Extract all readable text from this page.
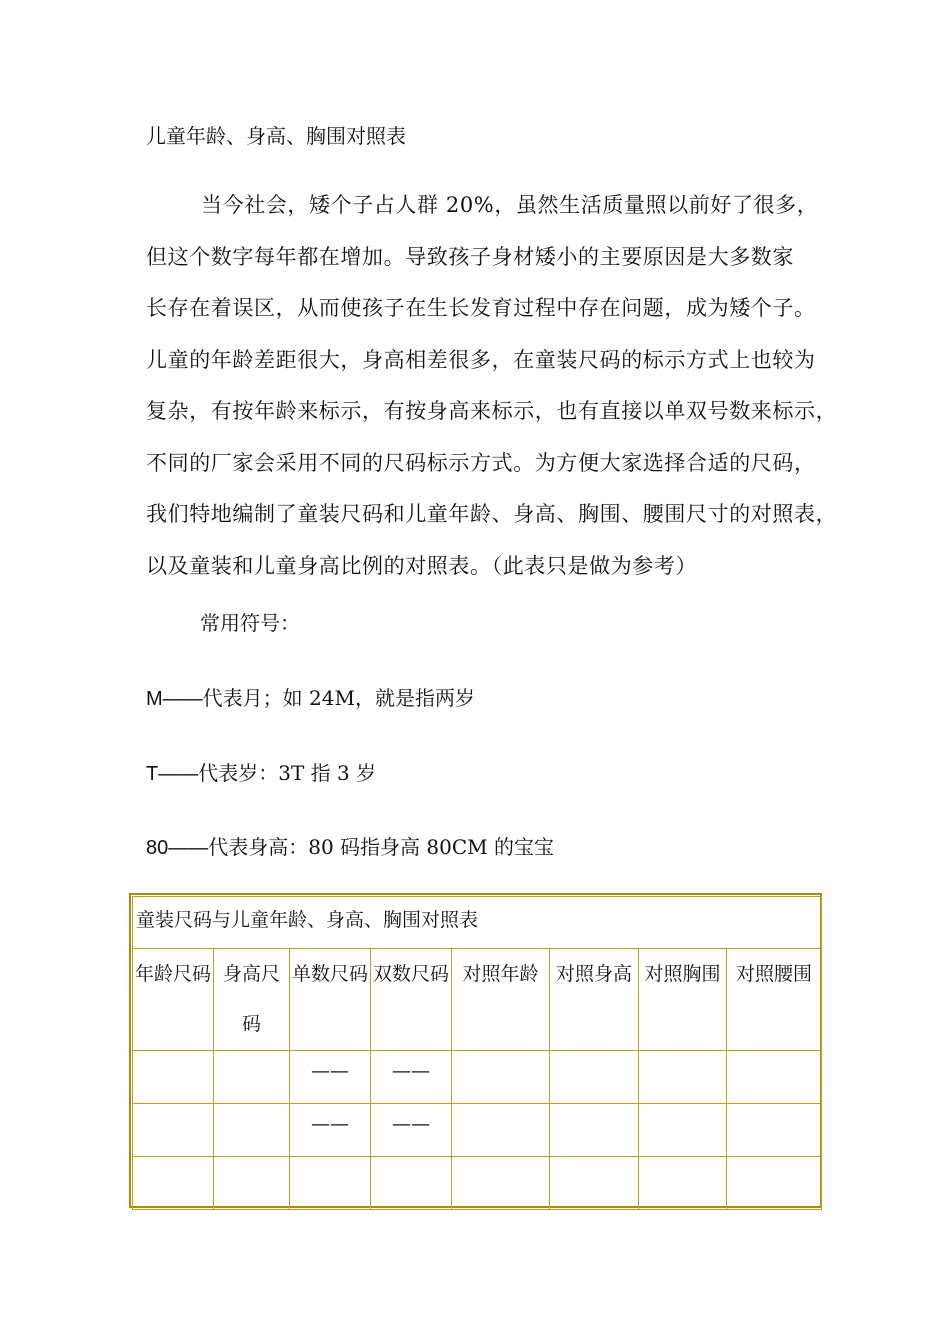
儿童年龄、身高、胸围对照表
当今社会，矮个子占人群 20%，虽然生活质量照以前好了很多，
但这个数字每年都在增加。导致孩子身材矮小的主要原因是大多数家
长存在着误区，从而使孩子在生长发育过程中存在问题，成为矮个子。
儿童的年龄差距很大，身高相差很多，在童装尺码的标示方式上也较为
复杂，有按年龄来标示，有按身高来标示，也有直接以单双号数来标示，
不同的厂家会采用不同的尺码标示方式。为方便大家选择合适的尺码，
我们特地编制了童装尺码和儿童年龄、身高、胸围、腰围尺寸的对照表，
以及童装和儿童身高比例的对照表。（此表只是做为参考）
常用符号：
M——代表月；如 24M，就是指两岁
T——代表岁：3T 指 3 岁
80——代表身高：80 码指身高 80CM 的宝宝
童装尺码与儿童年龄、身高、胸围对照表							
年龄尺码	身高尺码	单数尺码	双数尺码	对照年龄	对照身高	对照胸围	对照腰围
		——	——				
		——	——				
